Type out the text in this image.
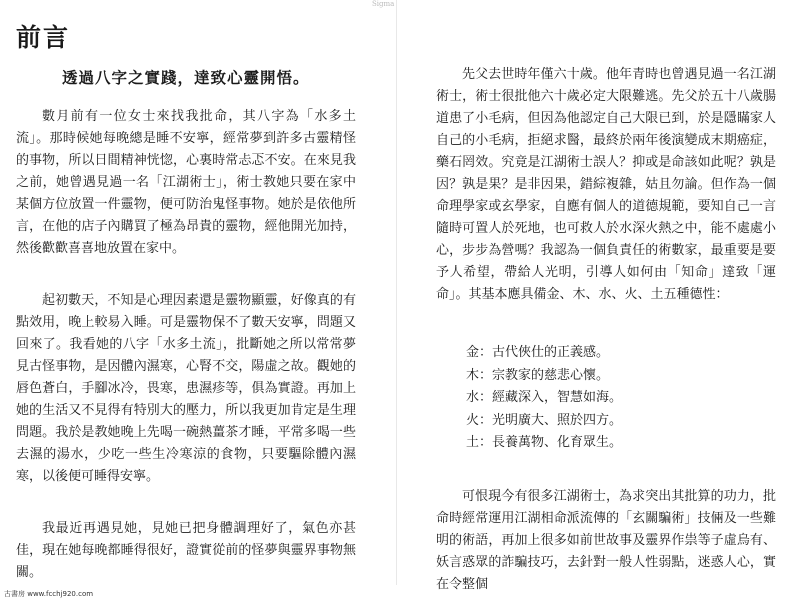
Sigma
前言
透過八字之實踐，達致心靈開悟。

數月前有一位女士來找我批命，其八字為「水多土流」。那時候她每晚總是睡不安寧，經常夢到許多古靈精怪的事物，所以日間精神恍惚，心裏時常忐忑不安。在來見我之前，她曾遇見過一名「江湖術士」，術士教她只要在家中某個方位放置一件靈物，便可防治鬼怪事物。她於是依他所言，在他的店子內購買了極為昂貴的靈物，經他開光加持，然後歡歡喜喜地放置在家中。

起初數天，不知是心理因素還是靈物顯靈，好像真的有點效用，晚上較易入睡。可是靈物保不了數天安寧，問題又回來了。我看她的八字「水多土流」，批斷她之所以常常夢見古怪事物，是因體內濕寒，心腎不交，陽虛之故。觀她的唇色蒼白，手腳冰冷，畏寒，患濕疹等，俱為實證。再加上她的生活又不見得有特別大的壓力，所以我更加肯定是生理問題。我於是教她晚上先喝一碗熱薑茶才睡，平常多喝一些去濕的湯水，少吃一些生冷寒涼的食物，只要驅除體內濕寒，以後便可睡得安寧。

我最近再遇見她，見她已把身體調理好了，氣色亦甚佳，現在她每晚都睡得很好，證實從前的怪夢與靈界事物無關。

先父去世時年僅六十歲。他年青時也曾遇見過一名江湖術士，術士很批他六十歲必定大限難逃。先父於五十八歲腸道患了小毛病，但因為他認定自己大限已到，於是隱瞞家人自己的小毛病，拒絕求醫，最終於兩年後演變成末期癌症，藥石罔效。究竟是江湖術士誤人？抑或是命該如此呢？孰是因？孰是果？是非因果，錯綜複雜，姑且勿論。但作為一個命理學家或玄學家，自應有個人的道德規範，要知自己一言隨時可置人於死地，也可救人於水深火熱之中，能不處處小心，步步為營嗎？我認為一個負責任的術數家，最重要是要予人希望，帶給人光明，引導人如何由「知命」達致「運命」。其基本應具備金、木、水、火、土五種德性：

金：古代俠仕的正義感。
木：宗教家的慈悲心懷。
水：經藏深入，智慧如海。
火：光明廣大、照於四方。
土：長養萬物、化育眾生。

可恨現今有很多江湖術士，為求突出其批算的功力，批命時經常運用江湖相命派流傳的「玄關騙術」技倆及一些難明的術語，再加上很多如前世故事及靈界作祟等子虛烏有、妖言惑眾的詐騙技巧，去針對一般人性弱點，迷惑人心，實在令整個

古書房 www.fcchj920.com
